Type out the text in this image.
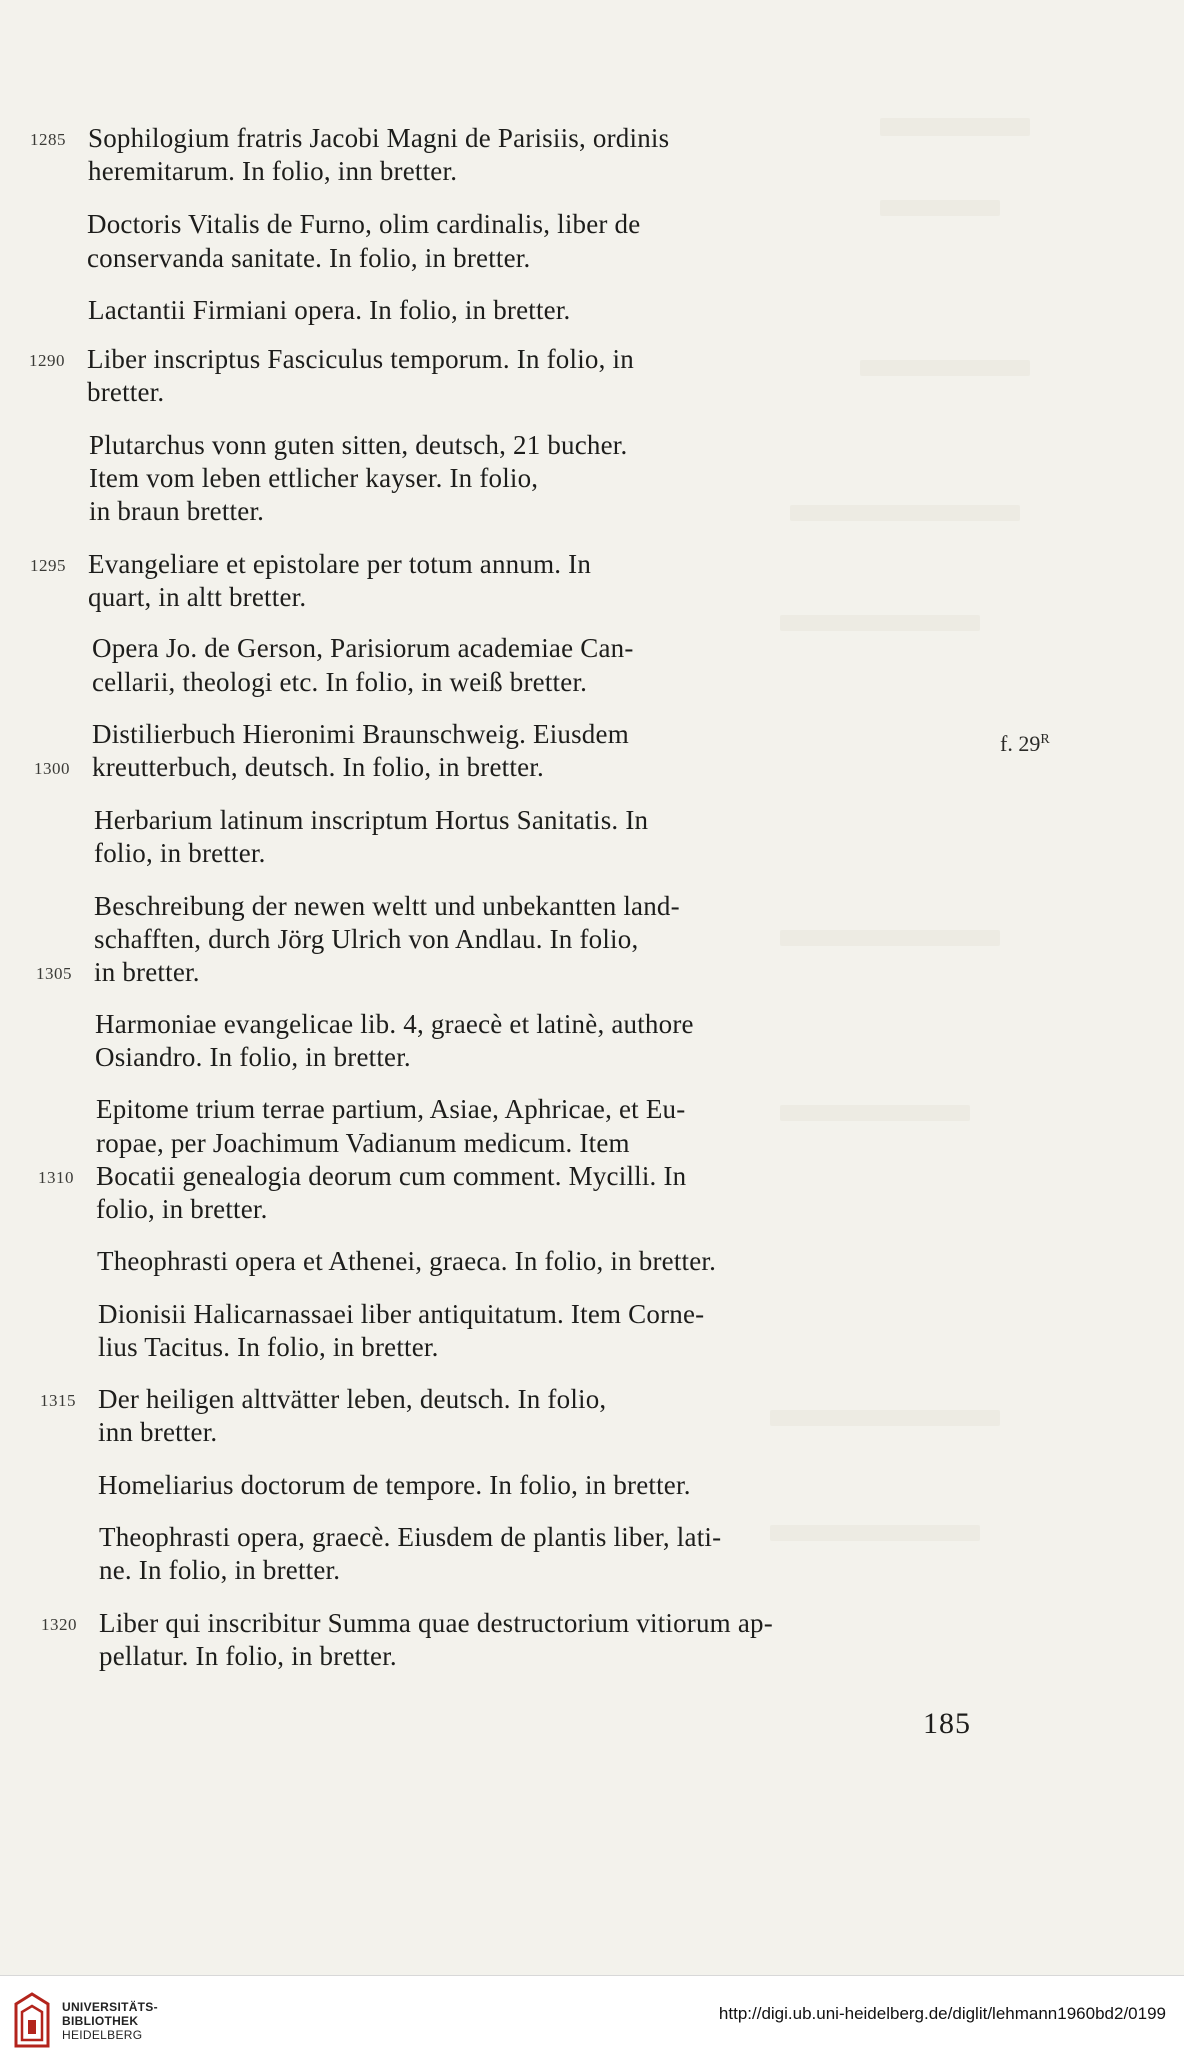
Sophilogium fratris Jacobi Magni de Parisiis, ordinis
1285
heremitarum. In folio, inn bretter.
Doctoris Vitalis de Furno, olim cardinalis, liber de
conservanda sanitate. In folio, in bretter.
Lactantii Firmiani opera. In folio, in bretter.
Liber inscriptus Fasciculus temporum. In folio, in
1290
bretter.
Plutarchus vonn guten sitten, deutsch, 21 bucher.
Item vom leben ettlicher kayser. In folio,
in braun bretter.
Evangeliare et epistolare per totum annum. In
1295
quart, in altt bretter.
Opera Jo. de Gerson, Parisiorum academiae Can-
cellarii, theologi etc. In folio, in weiß bretter.
Distilierbuch Hieronimi Braunschweig. Eiusdem
kreutterbuch, deutsch. In folio, in bretter.
1300
Herbarium latinum inscriptum Hortus Sanitatis. In
folio, in bretter.
Beschreibung der newen weltt und unbekantten land-
schafften, durch Jörg Ulrich von Andlau. In folio,
in bretter.
1305
Harmoniae evangelicae lib. 4, graecè et latinè, authore
Osiandro. In folio, in bretter.
Epitome trium terrae partium, Asiae, Aphricae, et Eu-
ropae, per Joachimum Vadianum medicum. Item
Bocatii genealogia deorum cum comment. Mycilli. In
1310
folio, in bretter.
Theophrasti opera et Athenei, graeca. In folio, in bretter.
Dionisii Halicarnassaei liber antiquitatum. Item Corne-
lius Tacitus. In folio, in bretter.
Der heiligen alttvätter leben, deutsch. In folio,
1315
inn bretter.
Homeliarius doctorum de tempore. In folio, in bretter.
Theophrasti opera, graecè. Eiusdem de plantis liber, lati-
ne. In folio, in bretter.
Liber qui inscribitur Summa quae destructorium vitiorum ap-
1320
pellatur. In folio, in bretter.
f. $29^R$
185
UNIVERSITÄTS-
BIBLIOTHEK
HEIDELBERG
http://digi.ub.uni-heidelberg.de/diglit/lehmann1960bd2/0199
